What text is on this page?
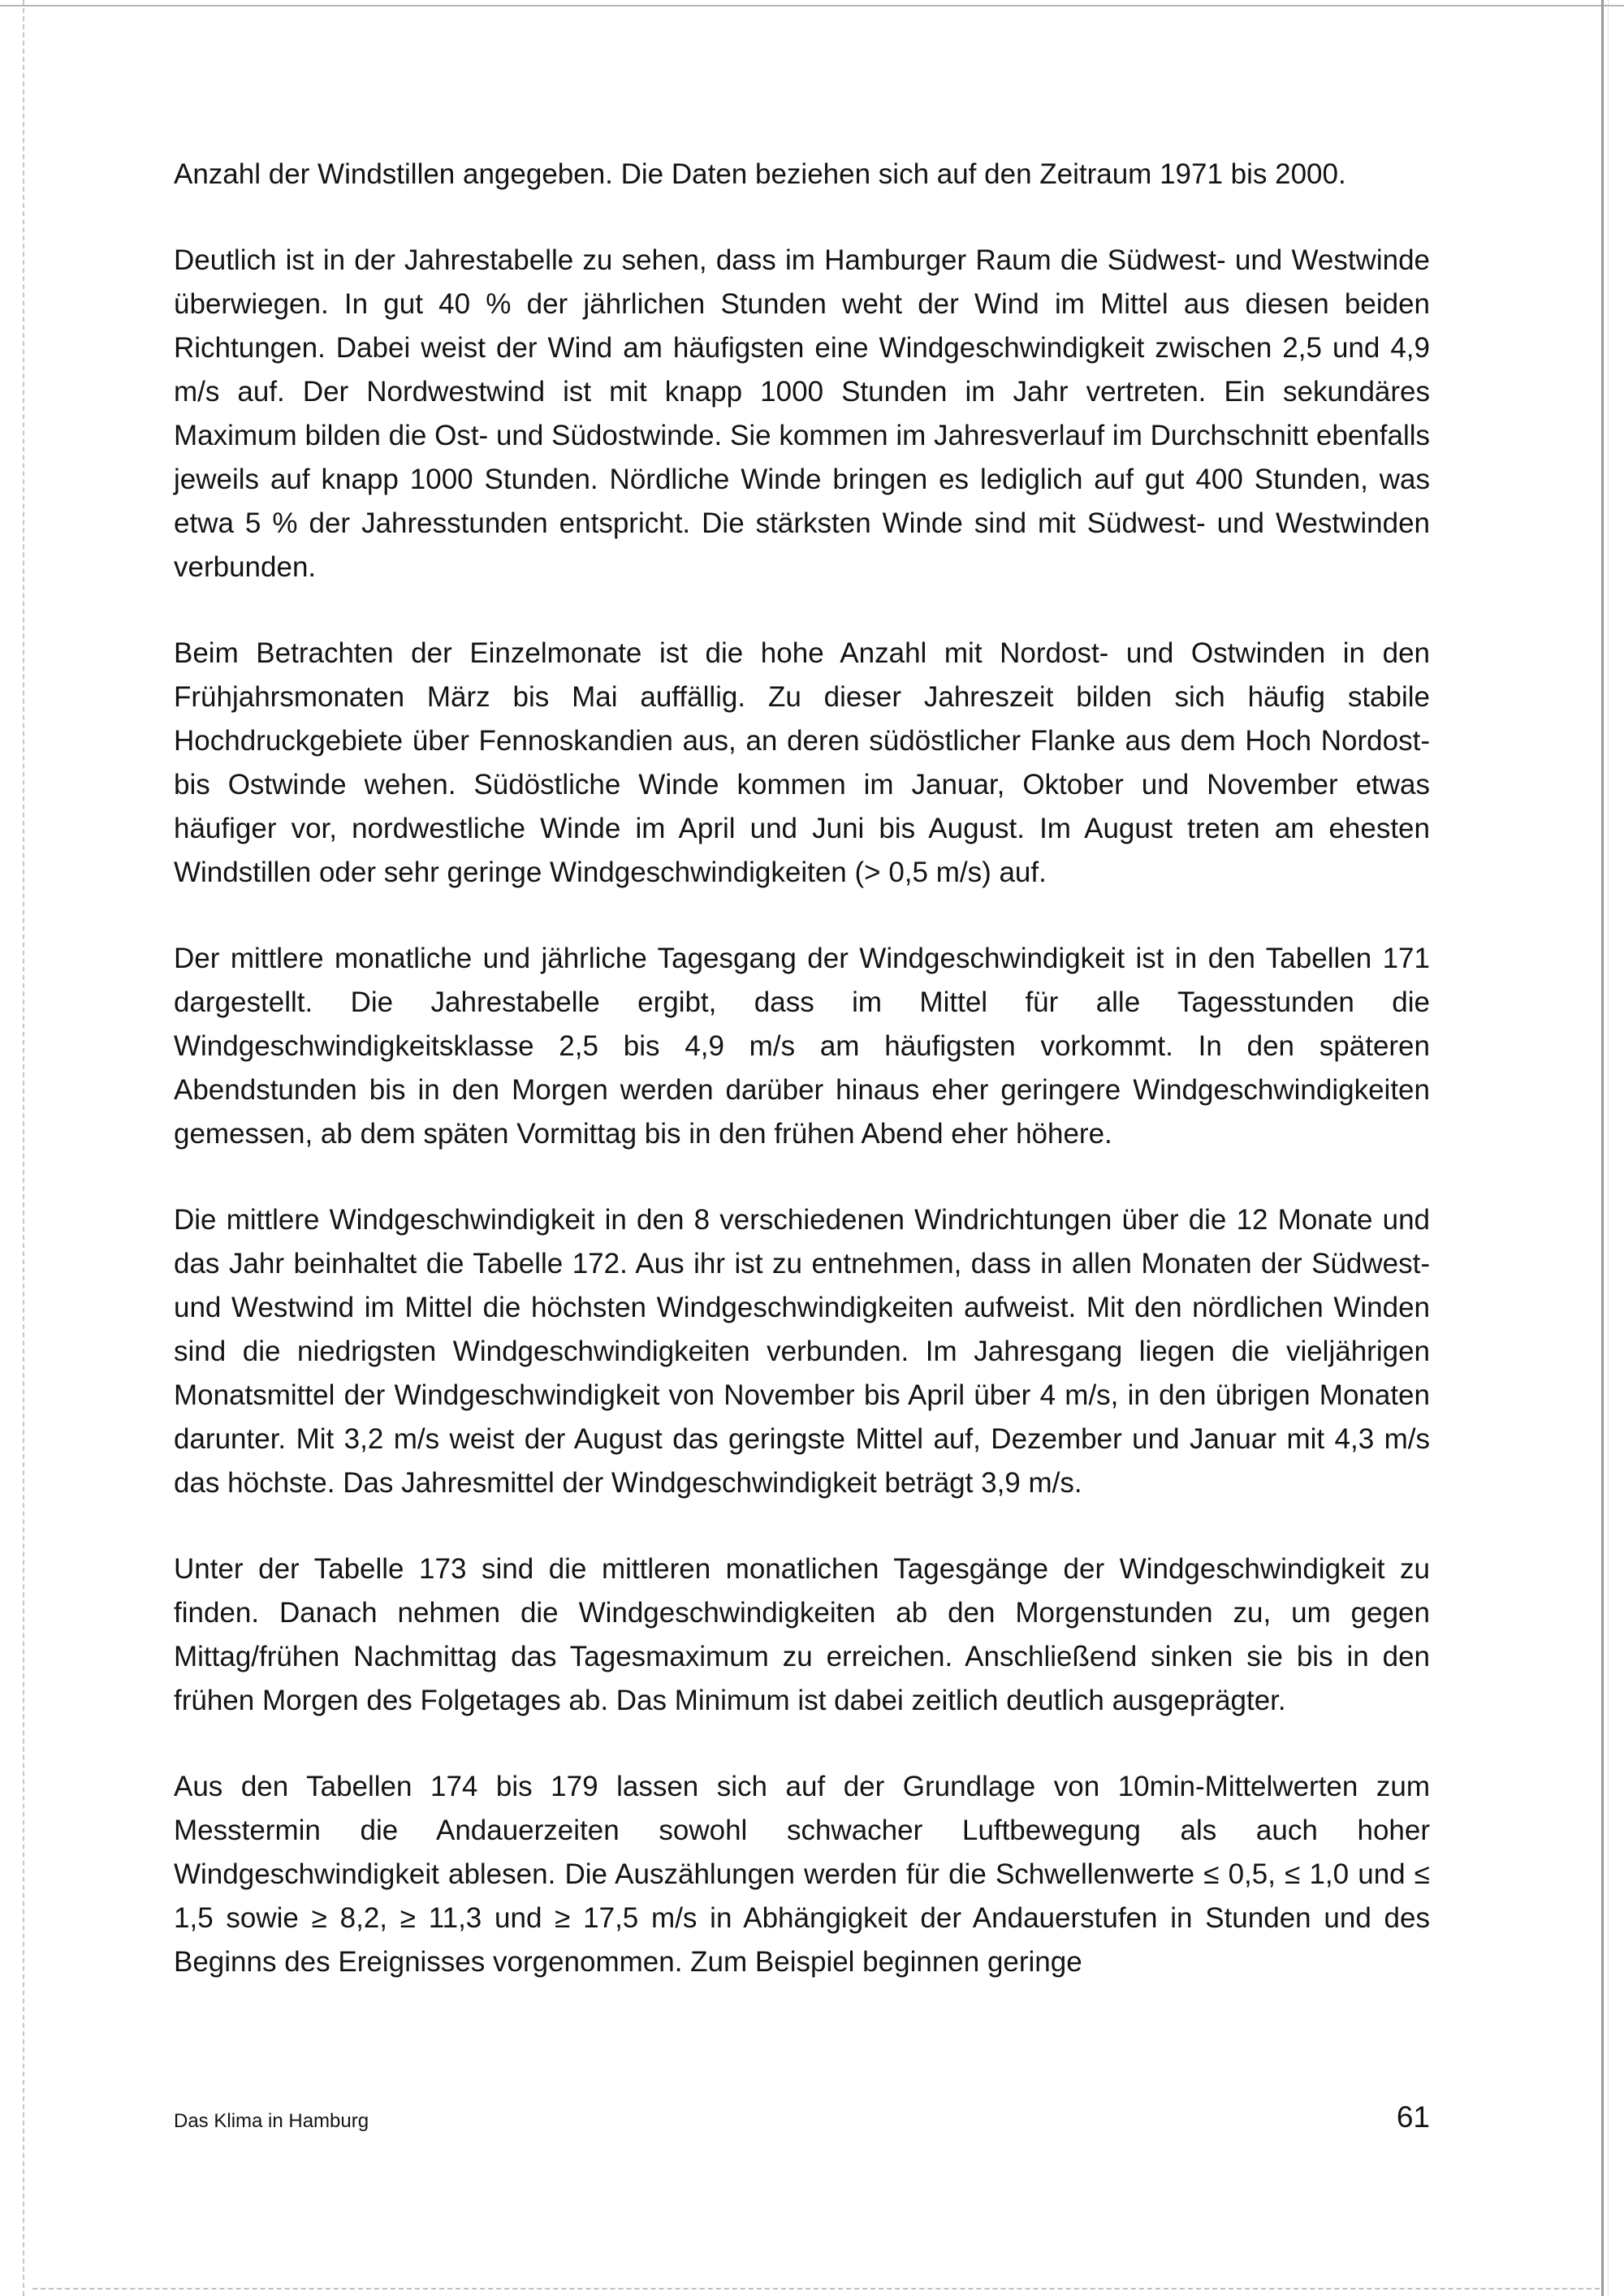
Anzahl der Windstillen angegeben. Die Daten beziehen sich auf den Zeitraum 1971 bis 2000.

Deutlich ist in der Jahrestabelle zu sehen, dass im Hamburger Raum die Südwest- und Westwinde überwiegen. In gut 40 % der jährlichen Stunden weht der Wind im Mittel aus diesen beiden Richtungen. Dabei weist der Wind am häufigsten eine Windgeschwindigkeit zwischen 2,5 und 4,9 m/s auf. Der Nordwestwind ist mit knapp 1000 Stunden im Jahr vertreten. Ein sekundäres Maximum bilden die Ost- und Südostwinde. Sie kommen im Jahresverlauf im Durchschnitt ebenfalls jeweils auf knapp 1000 Stunden. Nördliche Winde bringen es lediglich auf gut 400 Stunden, was etwa 5 % der Jahresstunden entspricht. Die stärksten Winde sind mit Südwest- und Westwinden verbunden.

Beim Betrachten der Einzelmonate ist die hohe Anzahl mit Nordost- und Ostwinden in den Frühjahrsmonaten März bis Mai auffällig. Zu dieser Jahreszeit bilden sich häufig stabile Hochdruckgebiete über Fennoskandien aus, an deren südöstlicher Flanke aus dem Hoch Nordost- bis Ostwinde wehen. Südöstliche Winde kommen im Januar, Oktober und November etwas häufiger vor, nordwestliche Winde im April und Juni bis August. Im August treten am ehesten Windstillen oder sehr geringe Windgeschwindigkeiten (> 0,5 m/s) auf.

Der mittlere monatliche und jährliche Tagesgang der Windgeschwindigkeit ist in den Tabellen 171 dargestellt. Die Jahrestabelle ergibt, dass im Mittel für alle Tagesstunden die Windgeschwindigkeitsklasse 2,5 bis 4,9 m/s am häufigsten vorkommt. In den späteren Abendstunden bis in den Morgen werden darüber hinaus eher geringere Windgeschwindigkeiten gemessen, ab dem späten Vormittag bis in den frühen Abend eher höhere.

Die mittlere Windgeschwindigkeit in den 8 verschiedenen Windrichtungen über die 12 Monate und das Jahr beinhaltet die Tabelle 172. Aus ihr ist zu entnehmen, dass in allen Monaten der Südwest- und Westwind im Mittel die höchsten Windgeschwindigkeiten aufweist. Mit den nördlichen Winden sind die niedrigsten Windgeschwindigkeiten verbunden. Im Jahresgang liegen die vieljährigen Monatsmittel der Windgeschwindigkeit von November bis April über 4 m/s, in den übrigen Monaten darunter. Mit 3,2 m/s weist der August das geringste Mittel auf, Dezember und Januar mit 4,3 m/s das höchste. Das Jahresmittel der Windgeschwindigkeit beträgt 3,9 m/s.

Unter der Tabelle 173 sind die mittleren monatlichen Tagesgänge der Windgeschwindigkeit zu finden. Danach nehmen die Windgeschwindigkeiten ab den Morgenstunden zu, um gegen Mittag/frühen Nachmittag das Tagesmaximum zu erreichen. Anschließend sinken sie bis in den frühen Morgen des Folgetages ab. Das Minimum ist dabei zeitlich deutlich ausgeprägter.

Aus den Tabellen 174 bis 179 lassen sich auf der Grundlage von 10min-Mittelwerten zum Messtermin die Andauerzeiten sowohl schwacher Luftbewegung als auch hoher Windgeschwindigkeit ablesen. Die Auszählungen werden für die Schwellenwerte ≤ 0,5, ≤ 1,0 und ≤ 1,5 sowie ≥ 8,2, ≥ 11,3 und ≥ 17,5 m/s in Abhängigkeit der Andauerstufen in Stunden und des Beginns des Ereignisses vorgenommen. Zum Beispiel beginnen geringe

Das Klima in Hamburg	61
